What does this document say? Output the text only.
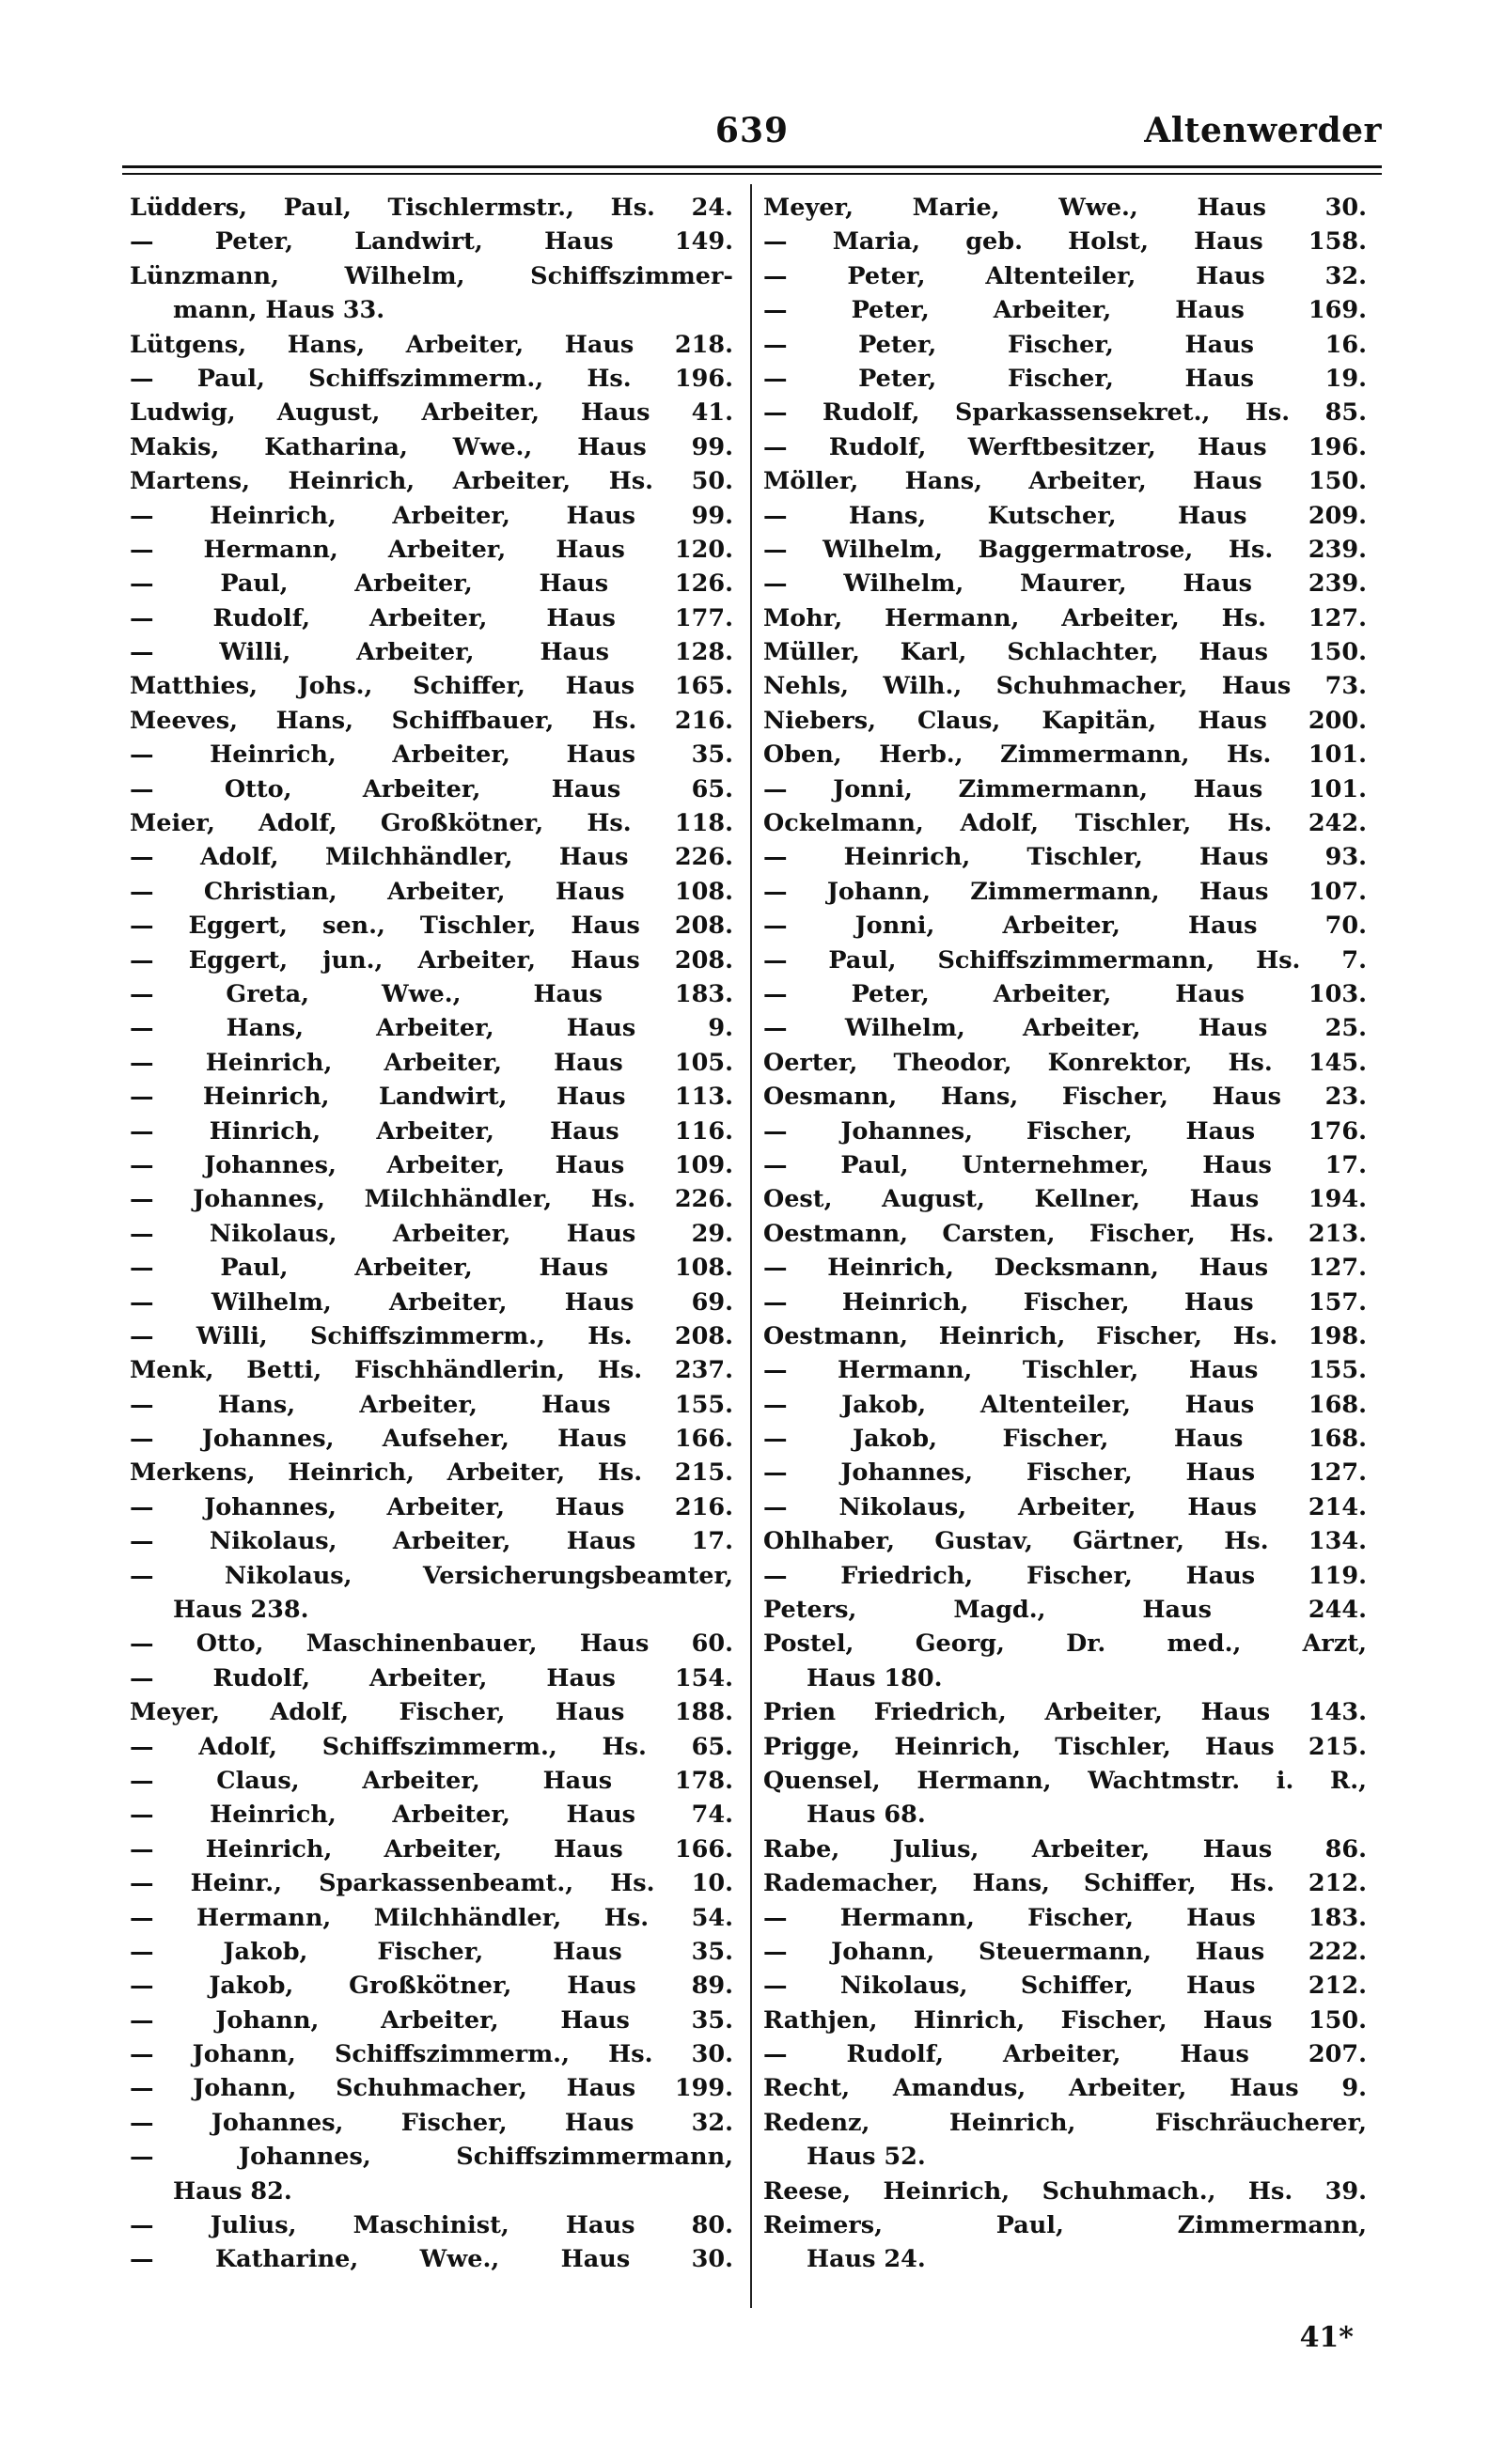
639	Altenwerder
Lüdders, Paul, Tischlermstr., Hs. 24.
— Peter, Landwirt, Haus 149.
Lünzmann, Wilhelm, Schiffszimmer-
mann, Haus 33.
Lütgens, Hans, Arbeiter, Haus 218.
— Paul, Schiffszimmerm., Hs. 196.
Ludwig, August, Arbeiter, Haus 41.
Makis, Katharina, Wwe., Haus 99.
Martens, Heinrich, Arbeiter, Hs. 50.
— Heinrich, Arbeiter, Haus 99.
— Hermann, Arbeiter, Haus 120.
— Paul, Arbeiter, Haus 126.
— Rudolf, Arbeiter, Haus 177.
— Willi, Arbeiter, Haus 128.
Matthies, Johs., Schiffer, Haus 165.
Meeves, Hans, Schiffbauer, Hs. 216.
— Heinrich, Arbeiter, Haus 35.
— Otto, Arbeiter, Haus 65.
Meier, Adolf, Großkötner, Hs. 118.
— Adolf, Milchhändler, Haus 226.
— Christian, Arbeiter, Haus 108.
— Eggert, sen., Tischler, Haus 208.
— Eggert, jun., Arbeiter, Haus 208.
— Greta, Wwe., Haus 183.
— Hans, Arbeiter, Haus 9.
— Heinrich, Arbeiter, Haus 105.
— Heinrich, Landwirt, Haus 113.
— Hinrich, Arbeiter, Haus 116.
— Johannes, Arbeiter, Haus 109.
— Johannes, Milchhändler, Hs. 226.
— Nikolaus, Arbeiter, Haus 29.
— Paul, Arbeiter, Haus 108.
— Wilhelm, Arbeiter, Haus 69.
— Willi, Schiffszimmerm., Hs. 208.
Menk, Betti, Fischhändlerin, Hs. 237.
— Hans, Arbeiter, Haus 155.
— Johannes, Aufseher, Haus 166.
Merkens, Heinrich, Arbeiter, Hs. 215.
— Johannes, Arbeiter, Haus 216.
— Nikolaus, Arbeiter, Haus 17.
— Nikolaus, Versicherungsbeamter,
Haus 238.
— Otto, Maschinenbauer, Haus 60.
— Rudolf, Arbeiter, Haus 154.
Meyer, Adolf, Fischer, Haus 188.
— Adolf, Schiffszimmerm., Hs. 65.
— Claus, Arbeiter, Haus 178.
— Heinrich, Arbeiter, Haus 74.
— Heinrich, Arbeiter, Haus 166.
— Heinr., Sparkassenbeamt., Hs. 10.
— Hermann, Milchhändler, Hs. 54.
— Jakob, Fischer, Haus 35.
— Jakob, Großkötner, Haus 89.
— Johann, Arbeiter, Haus 35.
— Johann, Schiffszimmerm., Hs. 30.
— Johann, Schuhmacher, Haus 199.
— Johannes, Fischer, Haus 32.
— Johannes, Schiffszimmermann,
Haus 82.
— Julius, Maschinist, Haus 80.
— Katharine, Wwe., Haus 30.
Meyer, Marie, Wwe., Haus 30.
— Maria, geb. Holst, Haus 158.
— Peter, Altenteiler, Haus 32.
— Peter, Arbeiter, Haus 169.
— Peter, Fischer, Haus 16.
— Peter, Fischer, Haus 19.
— Rudolf, Sparkassensekret., Hs. 85.
— Rudolf, Werftbesitzer, Haus 196.
Möller, Hans, Arbeiter, Haus 150.
— Hans, Kutscher, Haus 209.
— Wilhelm, Baggermatrose, Hs. 239.
— Wilhelm, Maurer, Haus 239.
Mohr, Hermann, Arbeiter, Hs. 127.
Müller, Karl, Schlachter, Haus 150.
Nehls, Wilh., Schuhmacher, Haus 73.
Niebers, Claus, Kapitän, Haus 200.
Oben, Herb., Zimmermann, Hs. 101.
— Jonni, Zimmermann, Haus 101.
Ockelmann, Adolf, Tischler, Hs. 242.
— Heinrich, Tischler, Haus 93.
— Johann, Zimmermann, Haus 107.
— Jonni, Arbeiter, Haus 70.
— Paul, Schiffszimmermann, Hs. 7.
— Peter, Arbeiter, Haus 103.
— Wilhelm, Arbeiter, Haus 25.
Oerter, Theodor, Konrektor, Hs. 145.
Oesmann, Hans, Fischer, Haus 23.
— Johannes, Fischer, Haus 176.
— Paul, Unternehmer, Haus 17.
Oest, August, Kellner, Haus 194.
Oestmann, Carsten, Fischer, Hs. 213.
— Heinrich, Decksmann, Haus 127.
— Heinrich, Fischer, Haus 157.
Oestmann, Heinrich, Fischer, Hs. 198.
— Hermann, Tischler, Haus 155.
— Jakob, Altenteiler, Haus 168.
— Jakob, Fischer, Haus 168.
— Johannes, Fischer, Haus 127.
— Nikolaus, Arbeiter, Haus 214.
Ohlhaber, Gustav, Gärtner, Hs. 134.
— Friedrich, Fischer, Haus 119.
Peters, Magd., Haus 244.
Postel, Georg, Dr. med., Arzt,
Haus 180.
Prien Friedrich, Arbeiter, Haus 143.
Prigge, Heinrich, Tischler, Haus 215.
Quensel, Hermann, Wachtmstr. i. R.,
Haus 68.
Rabe, Julius, Arbeiter, Haus 86.
Rademacher, Hans, Schiffer, Hs. 212.
— Hermann, Fischer, Haus 183.
— Johann, Steuermann, Haus 222.
— Nikolaus, Schiffer, Haus 212.
Rathjen, Hinrich, Fischer, Haus 150.
— Rudolf, Arbeiter, Haus 207.
Recht, Amandus, Arbeiter, Haus 9.
Redenz, Heinrich, Fischräucherer,
Haus 52.
Reese, Heinrich, Schuhmach., Hs. 39.
Reimers, Paul, Zimmermann,
Haus 24.
41*
